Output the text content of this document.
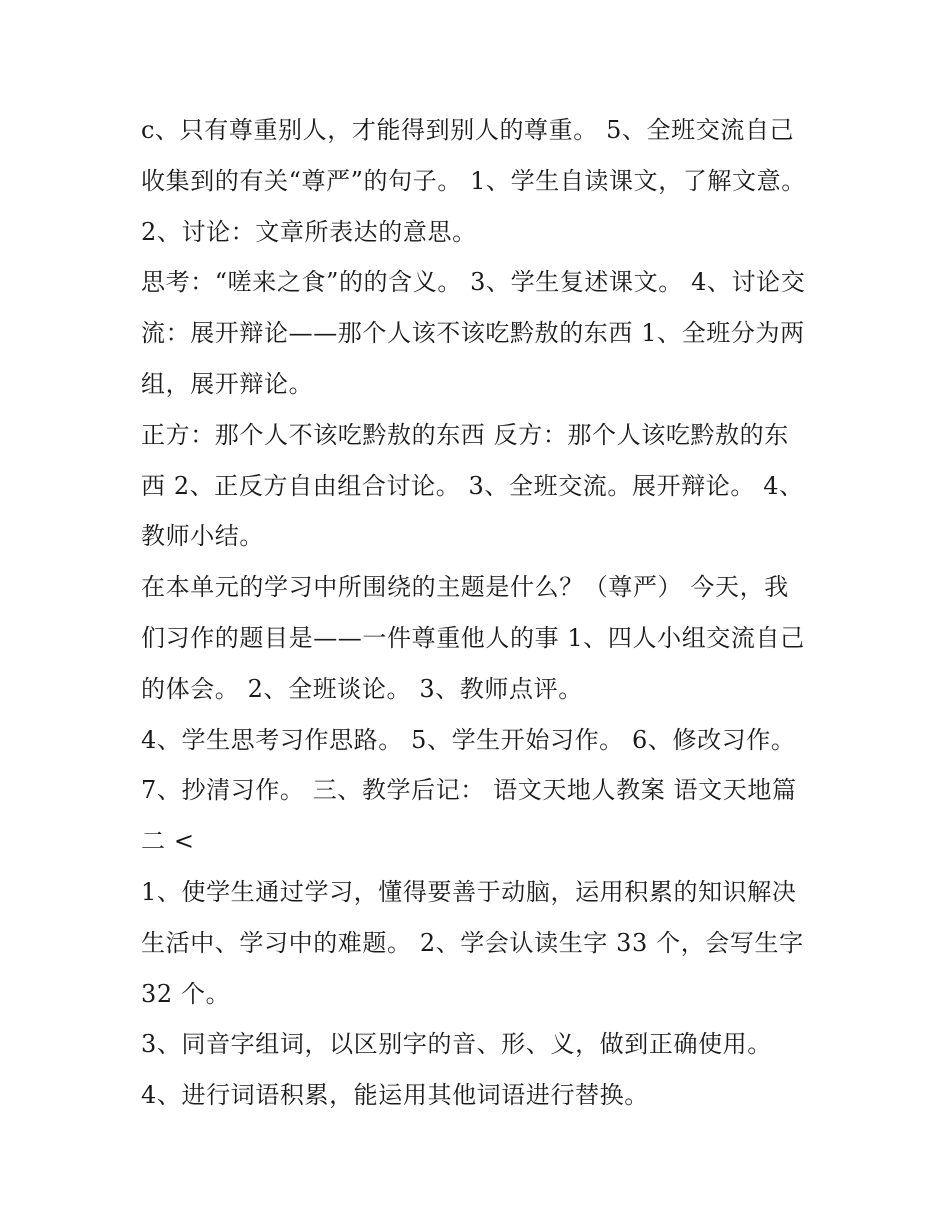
c、只有尊重别人，才能得到别人的尊重。 5、全班交流自己
收集到的有关“尊严”的句子。 1、学生自读课文，了解文意。
2、讨论：文章所表达的意思。
思考：“嗟来之食”的的含义。 3、学生复述课文。 4、讨论交
流：展开辩论——那个人该不该吃黔敖的东西 1、全班分为两
组，展开辩论。
正方：那个人不该吃黔敖的东西 反方：那个人该吃黔敖的东
西 2、正反方自由组合讨论。 3、全班交流。展开辩论。 4、
教师小结。
在本单元的学习中所围绕的主题是什么？（尊严） 今天，我
们习作的题目是——一件尊重他人的事 1、四人小组交流自己
的体会。 2、全班谈论。 3、教师点评。
4、学生思考习作思路。 5、学生开始习作。 6、修改习作。
7、抄清习作。 三、教学后记： 语文天地人教案 语文天地篇
二 <
1、使学生通过学习，懂得要善于动脑，运用积累的知识解决
生活中、学习中的难题。 2、学会认读生字 33 个，会写生字
32 个。
3、同音字组词，以区别字的音、形、义，做到正确使用。
4、进行词语积累，能运用其他词语进行替换。
